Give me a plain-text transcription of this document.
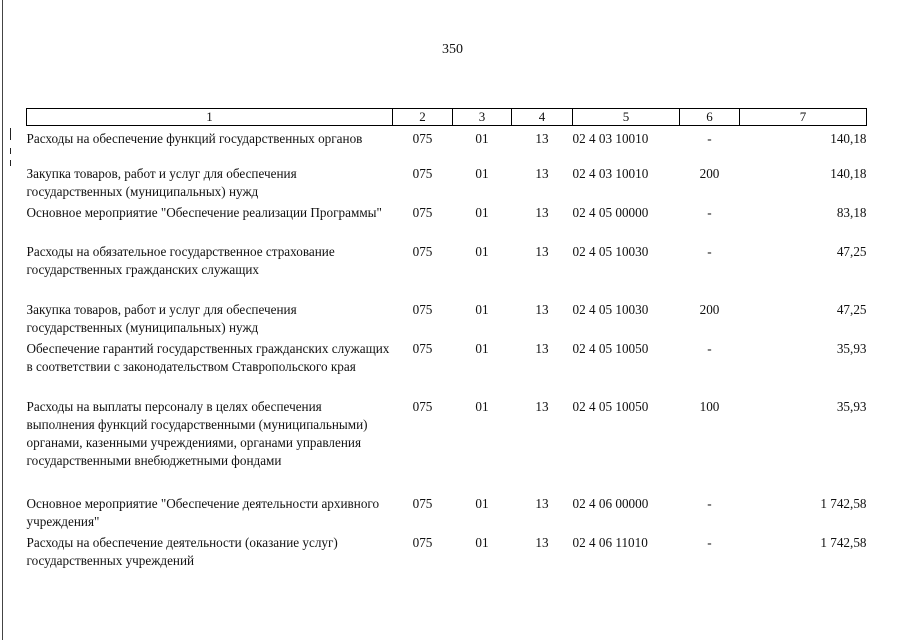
350
1	2	3	4	5	6	7
Расходы на обеспечение функций государственных органов	075	01	13	02 4 03 10010	-	140,18
Закупка товаров, работ и услуг для обеспечения государственных (муниципальных) нужд	075	01	13	02 4 03 10010	200	140,18
Основное мероприятие "Обеспечение реализации Программы"	075	01	13	02 4 05 00000	-	83,18
Расходы на обязательное государственное страхование государственных гражданских служащих	075	01	13	02 4 05 10030	-	47,25
Закупка товаров, работ и услуг для обеспечения государственных (муниципальных) нужд	075	01	13	02 4 05 10030	200	47,25
Обеспечение гарантий государственных гражданских служащих в соответствии с законодательством Ставропольского края	075	01	13	02 4 05 10050	-	35,93
Расходы на выплаты персоналу в целях обеспечения выполнения функций государственными (муниципальными) органами, казенными учреждениями, органами управления государственными внебюджетными фондами	075	01	13	02 4 05 10050	100	35,93
Основное мероприятие "Обеспечение деятельности архивного учреждения"	075	01	13	02 4 06 00000	-	1 742,58
Расходы на обеспечение деятельности (оказание услуг) государственных учреждений	075	01	13	02 4 06 11010	-	1 742,58
